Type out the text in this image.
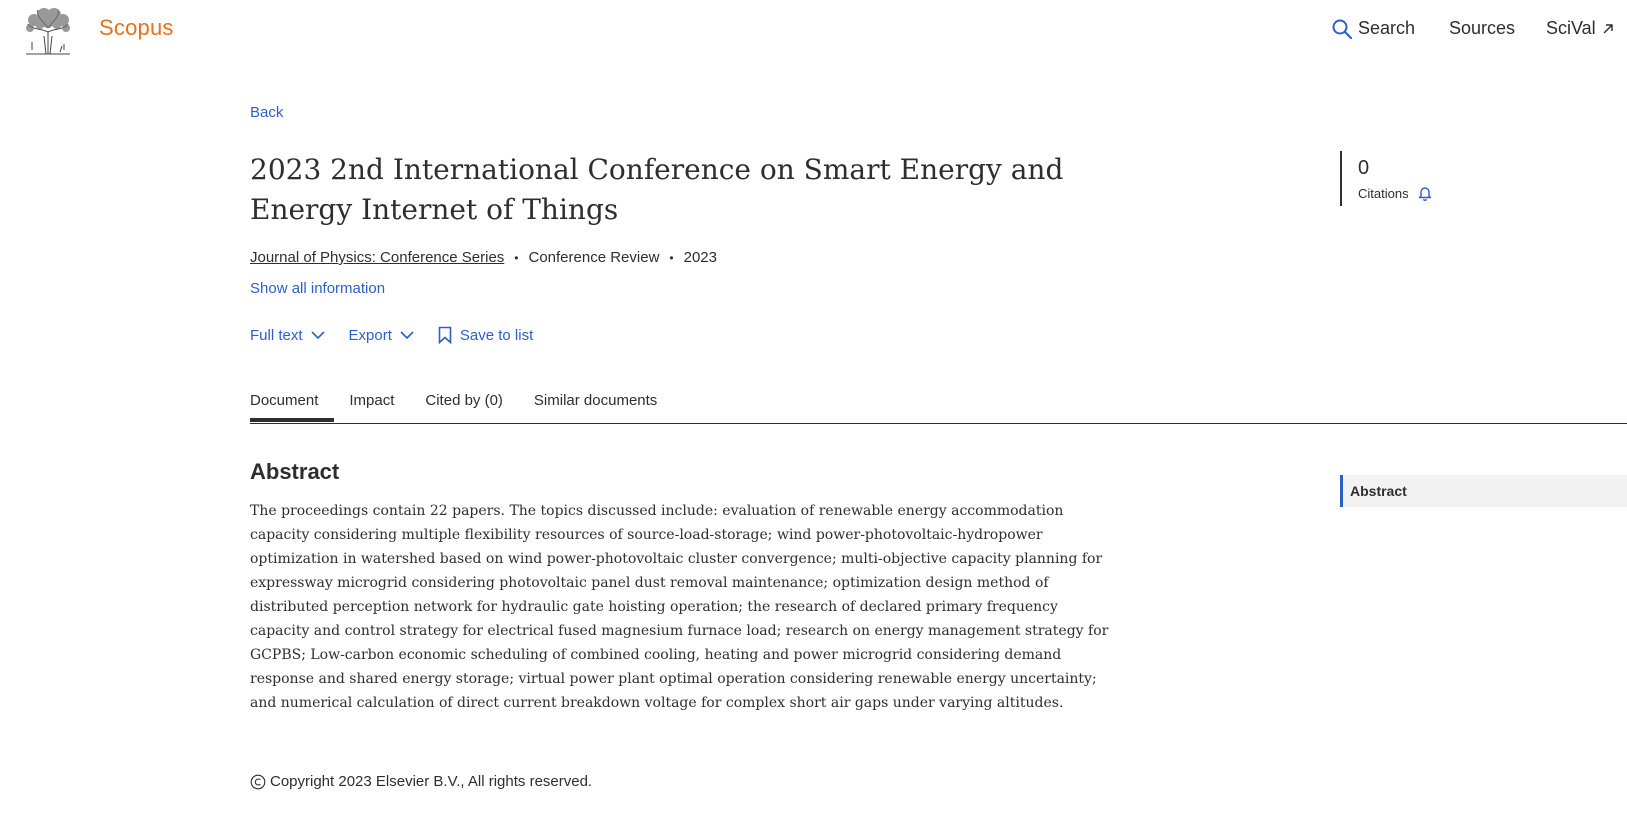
Scopus	Search Sources SciVal
Back
2023 2nd International Conference on Smart Energy and Energy Internet of Things
Journal of Physics: Conference Series • Conference Review • 2023
Show all information
Full text	Export	Save to list
Document Impact Cited by (0) Similar documents
Abstract

The proceedings contain 22 papers. The topics discussed include: evaluation of renewable energy accommodation capacity considering multiple flexibility resources of source-load-storage; wind power-photovoltaic-hydropower optimization in watershed based on wind power-photovoltaic cluster convergence; multi-objective capacity planning for expressway microgrid considering photovoltaic panel dust removal maintenance; optimization design method of distributed perception network for hydraulic gate hoisting operation; the research of declared primary frequency capacity and control strategy for electrical fused magnesium furnace load; research on energy management strategy for GCPBS; Low-carbon economic scheduling of combined cooling, heating and power microgrid considering demand response and shared energy storage; virtual power plant optimal operation considering renewable energy uncertainty; and numerical calculation of direct current breakdown voltage for complex short air gaps under varying altitudes.

Copyright 2023 Elsevier B.V., All rights reserved.
0
Citations
Abstract
